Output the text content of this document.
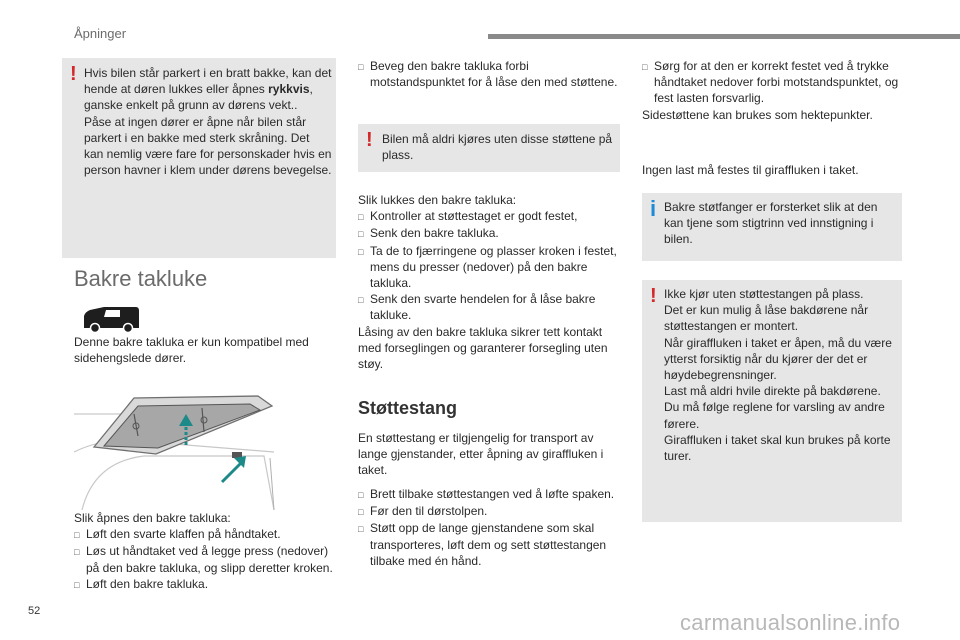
Åpninger
! Hvis bilen står parkert i en bratt bakke, kan det hende at døren lukkes eller åpnes rykkvis, ganske enkelt på grunn av dørens vekt..

Påse at ingen dører er åpne når bilen står parkert i en bakke med sterk skråning. Det kan nemlig være fare for personskader hvis en person havner i klem under dørens bevegelse.

Bakre takluke
Denne bakre takluka er kun kompatibel med sidehengslede dører.

Slik åpnes den bakre takluka:

□ Løft den svarte klaffen på håndtaket.
□ Løs ut håndtaket ved å legge press (nedover) på den bakre takluka, og slipp deretter kroken.
□ Løft den bakre takluka.
□ Beveg den bakre takluka forbi motstandspunktet for å låse den med støttene.
! Bilen må aldri kjøres uten disse støttene på plass.

Slik lukkes den bakre takluka:

□ Kontroller at støttestaget er godt festet,
□ Senk den bakre takluka.
□ Ta de to fjærringene og plasser kroken i festet, mens du presser (nedover) på den bakre takluka.
□ Senk den svarte hendelen for å låse bakre takluke.

Låsing av den bakre takluka sikrer tett kontakt med forseglingen og garanterer forsegling uten støy.

Støttestang
En støttestang er tilgjengelig for transport av lange gjenstander, etter åpning av giraffluken i taket.
□ Brett tilbake støttestangen ved å løfte spaken.
□ Før den til dørstolpen.
□ Støtt opp de lange gjenstandene som skal transporteres, løft dem og sett støttestangen tilbake med én hånd.
□ Sørg for at den er korrekt festet ved å trykke håndtaket nedover forbi motstandspunktet, og fest lasten forsvarlig.

Sidestøttene kan brukes som hektepunkter.

Ingen last må festes til giraffluken i taket.
i Bakre støtfanger er forsterket slik at den kan tjene som stigtrinn ved innstigning i bilen.
! Ikke kjør uten støttestangen på plass.

Det er kun mulig å låse bakdørene når støttestangen er montert.

Når giraffluken i taket er åpen, må du være ytterst forsiktig når du kjører der det er høydebegrensninger.

Last må aldri hvile direkte på bakdørene.

Du må følge reglene for varsling av andre førere.

Giraffluken i taket skal kun brukes på korte turer.

52	carmanualsonline.info
